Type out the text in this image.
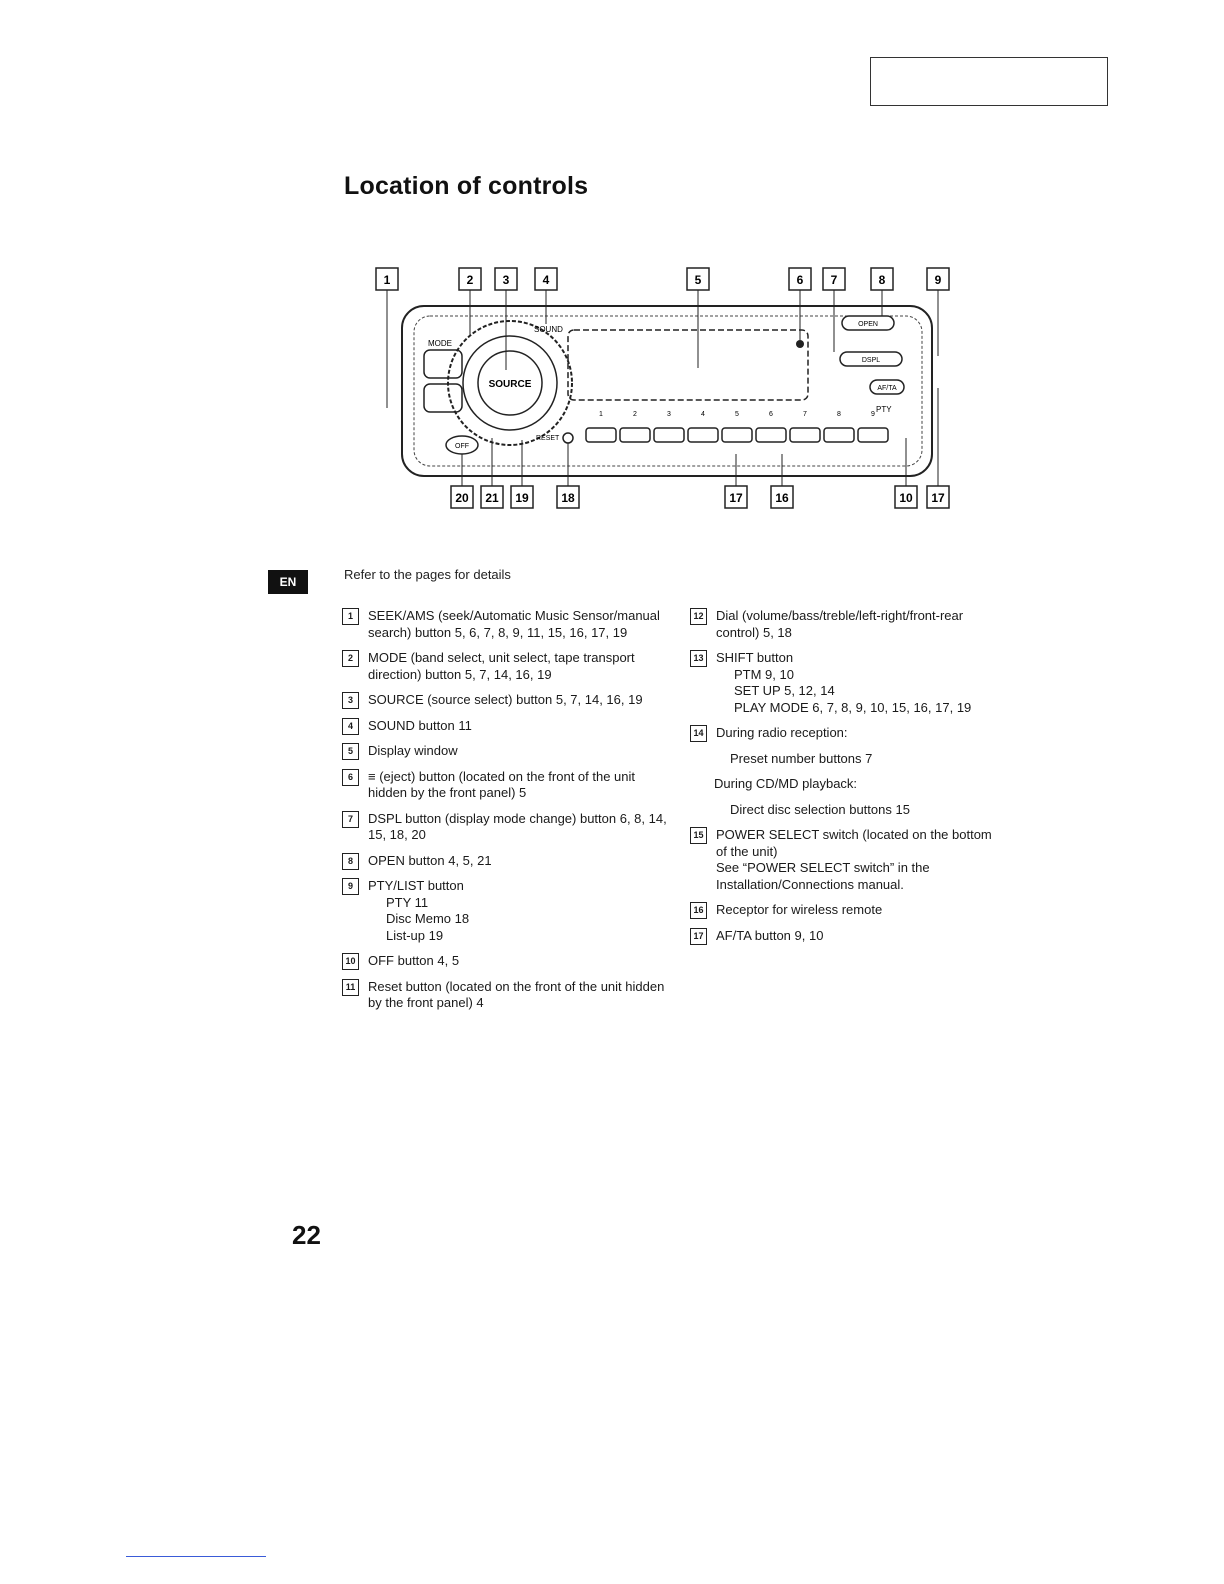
Location of controls
1	2 3	4	5	6 7	8	9
20 21 19	18	17	16	10 17
SOURCE
MODE
OFF
SOUND
RESET
OPEN
DSPL
AF/TA
PTY
1	2	3	4	5	6	7	8	9
EN	Refer to the pages for details
1	SEEK/AMS (seek/Automatic Music Sensor/manual search) button 5, 6, 7, 8, 9, 11, 15, 16, 17, 19
2	MODE (band select, unit select, tape transport direction) button 5, 7, 14, 16, 19
3	SOURCE (source select) button 5, 7, 14, 16, 19
4	SOUND button 11
5	Display window
6	≡ (eject) button (located on the front of the unit hidden by the front panel) 5
7	DSPL button (display mode change) button 6, 8, 14, 15, 18, 20
8	OPEN button 4, 5, 21
9	PTY/LIST button
PTY 11
Disc Memo 18
List-up 19
10 OFF button 4, 5
11 Reset button (located on the front of the unit hidden by the front panel) 4
12 Dial (volume/bass/treble/left-right/front-rear control) 5, 18
13 SHIFT button
PTM 9, 10
SET UP 5, 12, 14
PLAY MODE 6, 7, 8, 9, 10, 15, 16, 17, 19
14 During radio reception:
Preset number buttons 7
During CD/MD playback:
Direct disc selection buttons 15
15 POWER SELECT switch (located on the bottom of the unit)
See “POWER SELECT switch” in the Installation/Connections manual.
16 Receptor for wireless remote
17 AF/TA button 9, 10
22
